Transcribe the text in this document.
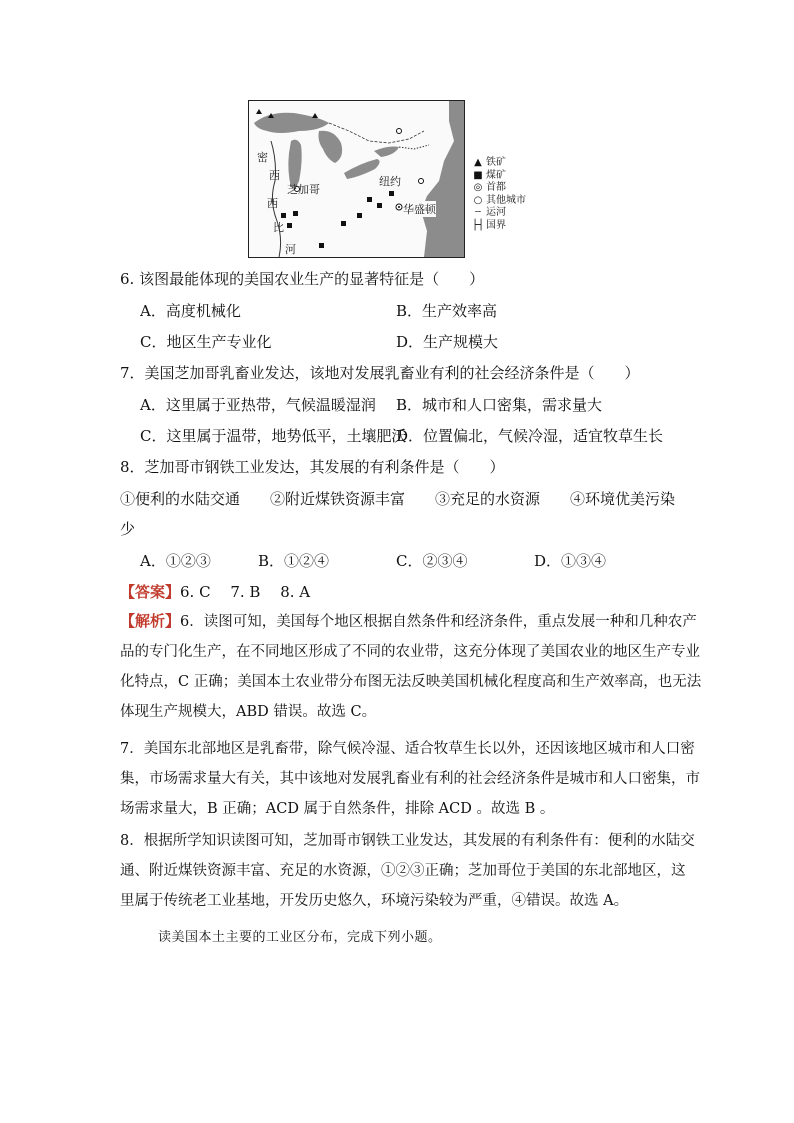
密
西
西
比
河
芝加哥
纽约
华盛顿
▲ 铁矿
■ 煤矿
◎ 首都
○ 其他城市
┄ 运河
├┤ 国界
6. 该图最能体现的美国农业生产的显著特征是（　　）
A．高度机械化	B．生产效率高
C．地区生产专业化	D．生产规模大
7．美国芝加哥乳畜业发达，该地对发展乳畜业有利的社会经济条件是（　　）
A．这里属于亚热带，气候温暖湿润 B．城市和人口密集，需求量大
C．这里属于温带，地势低平，土壤肥沃
D．位置偏北，气候冷湿，适宜牧草生长
8．芝加哥市钢铁工业发达，其发展的有利条件是（　　）
①便利的水陆交通　　②附近煤铁资源丰富　　③充足的水资源　　④环境优美污染
少
A．①②③	B．①②④	C．②③④	D．①③④
【答案】6. C　 7. B　 8. A
【解析】6．读图可知，美国每个地区根据自然条件和经济条件，重点发展一种和几种农产
品的专门化生产，在不同地区形成了不同的农业带，这充分体现了美国农业的地区生产专业
化特点，C 正确；美国本土农业带分布图无法反映美国机械化程度高和生产效率高，也无法
体现生产规模大，ABD 错误。故选 C。
7．美国东北部地区是乳畜带，除气候冷湿、适合牧草生长以外，还因该地区城市和人口密
集，市场需求量大有关，其中该地对发展乳畜业有利的社会经济条件是城市和人口密集，市
场需求量大，B 正确；ACD 属于自然条件，排除 ACD 。故选 B 。
8．根据所学知识读图可知，芝加哥市钢铁工业发达，其发展的有利条件有：便利的水陆交
通、附近煤铁资源丰富、充足的水资源，①②③正确；芝加哥位于美国的东北部地区，这
里属于传统老工业基地，开发历史悠久，环境污染较为严重，④错误。故选 A。
读美国本土主要的工业区分布，完成下列小题。
